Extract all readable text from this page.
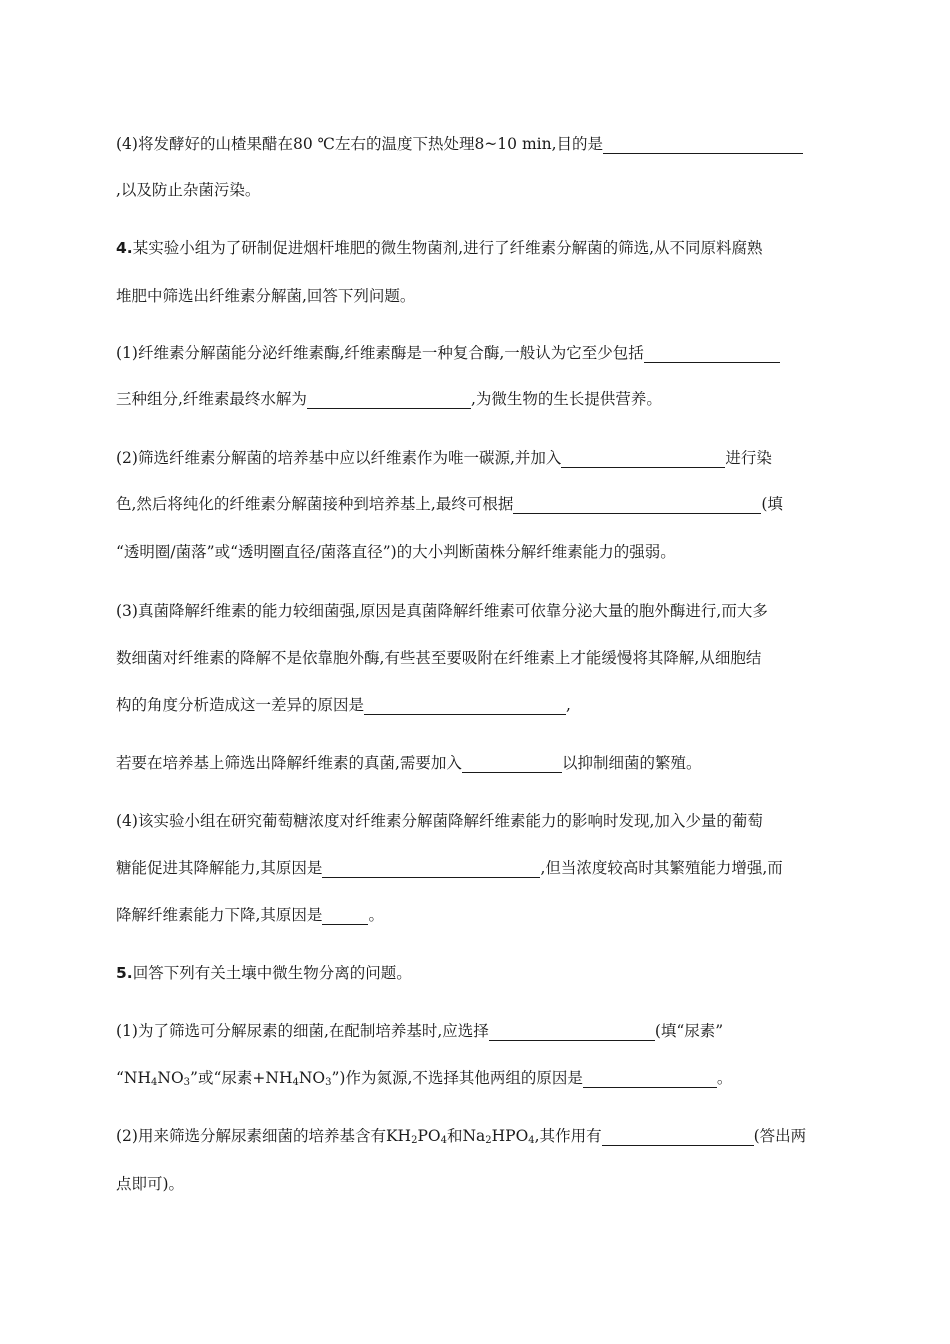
(4)将发酵好的山楂果醋在80 ℃左右的温度下热处理8~10 min,目的是
,以及防止杂菌污染。
4.某实验小组为了研制促进烟杆堆肥的微生物菌剂,进行了纤维素分解菌的筛选,从不同原料腐熟
堆肥中筛选出纤维素分解菌,回答下列问题。
(1)纤维素分解菌能分泌纤维素酶,纤维素酶是一种复合酶,一般认为它至少包括
三种组分,纤维素最终水解为	,为微生物的生长提供营养。
(2)筛选纤维素分解菌的培养基中应以纤维素作为唯一碳源,并加入	进行染
色,然后将纯化的纤维素分解菌接种到培养基上,最终可根据	(填
“透明圈/菌落”或“透明圈直径/菌落直径”)的大小判断菌株分解纤维素能力的强弱。
(3)真菌降解纤维素的能力较细菌强,原因是真菌降解纤维素可依靠分泌大量的胞外酶进行,而大多
数细菌对纤维素的降解不是依靠胞外酶,有些甚至要吸附在纤维素上才能缓慢将其降解,从细胞结
构的角度分析造成这一差异的原因是	,
若要在培养基上筛选出降解纤维素的真菌,需要加入	以抑制细菌的繁殖。
(4)该实验小组在研究葡萄糖浓度对纤维素分解菌降解纤维素能力的影响时发现,加入少量的葡萄
糖能促进其降解能力,其原因是	,但当浓度较高时其繁殖能力增强,而
降解纤维素能力下降,其原因是	。
5.回答下列有关土壤中微生物分离的问题。
(1)为了筛选可分解尿素的细菌,在配制培养基时,应选择	(填“尿素”
“$NH_4NO_3$”或“尿素$+NH_4NO_3$”)作为氮源,不选择其他两组的原因是	。
(2)用来筛选分解尿素细菌的培养基含有$KH_2PO_4$和$Na_2HPO_4$,其作用有	(答出两
点即可)。
